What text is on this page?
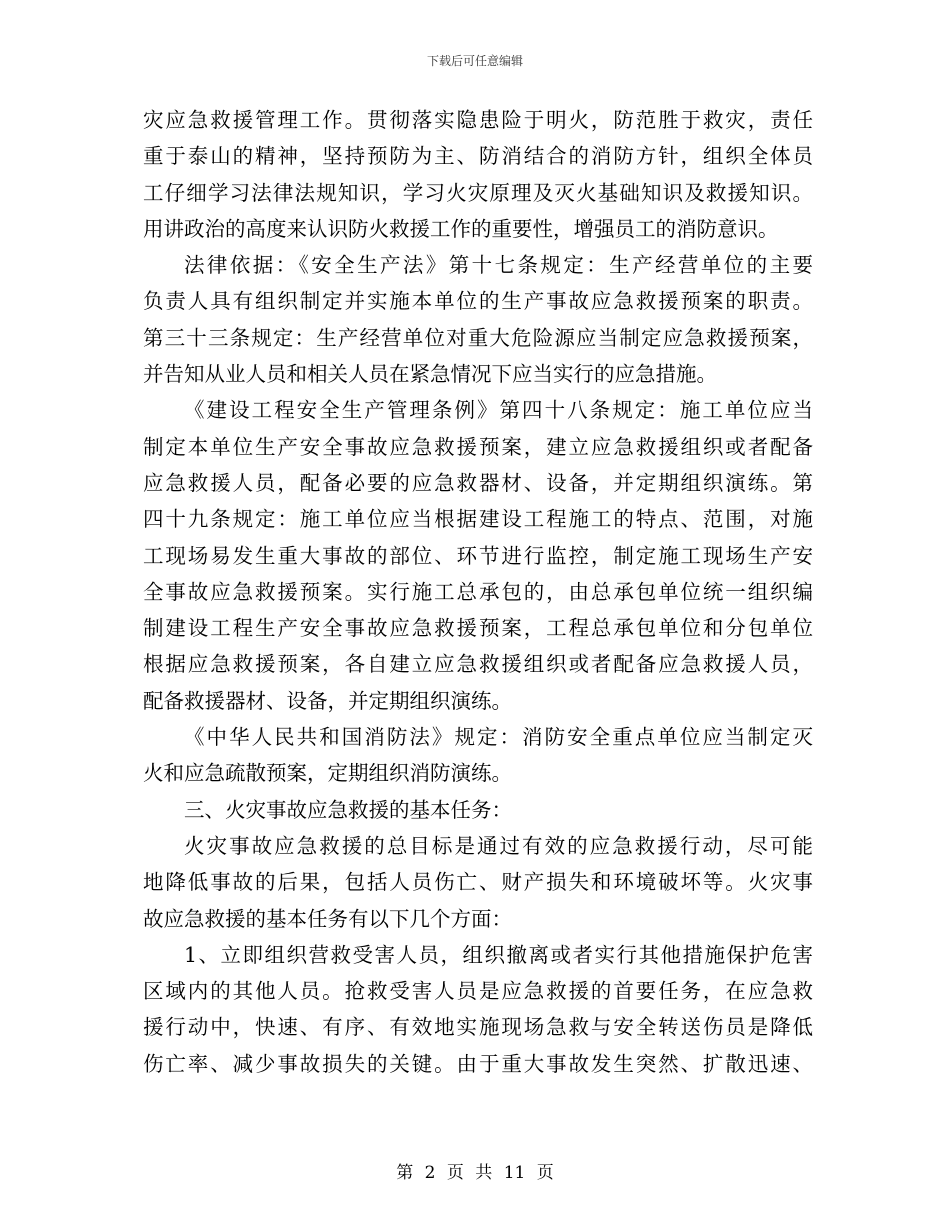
下载后可任意编辑
灾应急救援管理工作。贯彻落实隐患险于明火，防范胜于救灾，责任
重于泰山的精神，坚持预防为主、防消结合的消防方针，组织全体员
工仔细学习法律法规知识，学习火灾原理及灭火基础知识及救援知识。
用讲政治的高度来认识防火救援工作的重要性，增强员工的消防意识。
法律依据：《安全生产法》第十七条规定：生产经营单位的主要
负责人具有组织制定并实施本单位的生产事故应急救援预案的职责。
第三十三条规定：生产经营单位对重大危险源应当制定应急救援预案，
并告知从业人员和相关人员在紧急情况下应当实行的应急措施。
《建设工程安全生产管理条例》第四十八条规定：施工单位应当
制定本单位生产安全事故应急救援预案，建立应急救援组织或者配备
应急救援人员，配备必要的应急救器材、设备，并定期组织演练。第
四十九条规定：施工单位应当根据建设工程施工的特点、范围，对施
工现场易发生重大事故的部位、环节进行监控，制定施工现场生产安
全事故应急救援预案。实行施工总承包的，由总承包单位统一组织编
制建设工程生产安全事故应急救援预案，工程总承包单位和分包单位
根据应急救援预案，各自建立应急救援组织或者配备应急救援人员，
配备救援器材、设备，并定期组织演练。
《中华人民共和国消防法》规定：消防安全重点单位应当制定灭
火和应急疏散预案，定期组织消防演练。
三、火灾事故应急救援的基本任务：
火灾事故应急救援的总目标是通过有效的应急救援行动，尽可能
地降低事故的后果，包括人员伤亡、财产损失和环境破坏等。火灾事
故应急救援的基本任务有以下几个方面：
1、立即组织营救受害人员，组织撤离或者实行其他措施保护危害
区域内的其他人员。抢救受害人员是应急救援的首要任务，在应急救
援行动中，快速、有序、有效地实施现场急救与安全转送伤员是降低
伤亡率、减少事故损失的关键。由于重大事故发生突然、扩散迅速、
第 2 页 共 11 页
